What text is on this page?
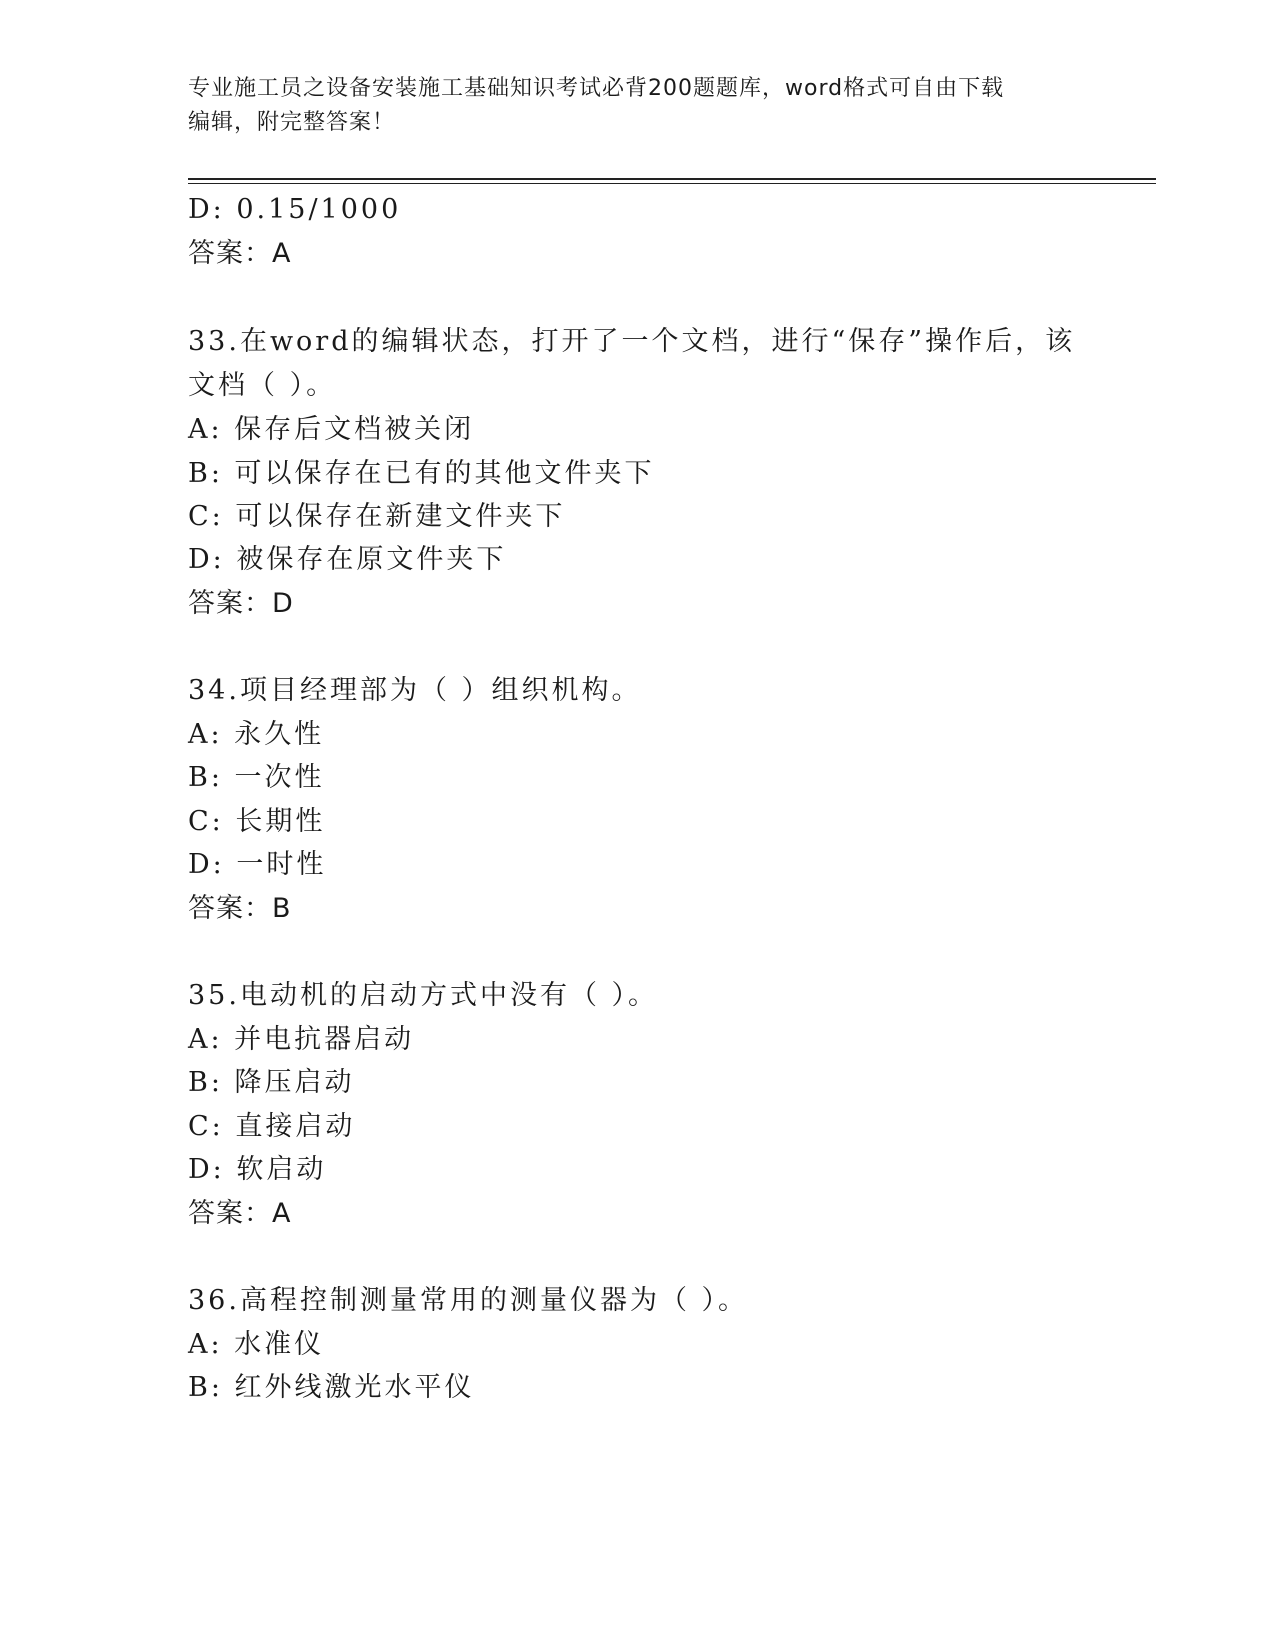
专业施工员之设备安装施工基础知识考试必背200题题库，word格式可自由下载
编辑，附完整答案！
D: 0.15/1000
答案：A
33.在word的编辑状态，打开了一个文档，进行“保存”操作后，该
文档（ ）。
A: 保存后文档被关闭
B: 可以保存在已有的其他文件夹下
C: 可以保存在新建文件夹下
D: 被保存在原文件夹下
答案：D
34.项目经理部为（ ）组织机构。
A: 永久性
B: 一次性
C: 长期性
D: 一时性
答案：B
35.电动机的启动方式中没有（ ）。
A: 并电抗器启动
B: 降压启动
C: 直接启动
D: 软启动
答案：A
36.高程控制测量常用的测量仪器为（ ）。
A: 水准仪
B: 红外线激光水平仪
